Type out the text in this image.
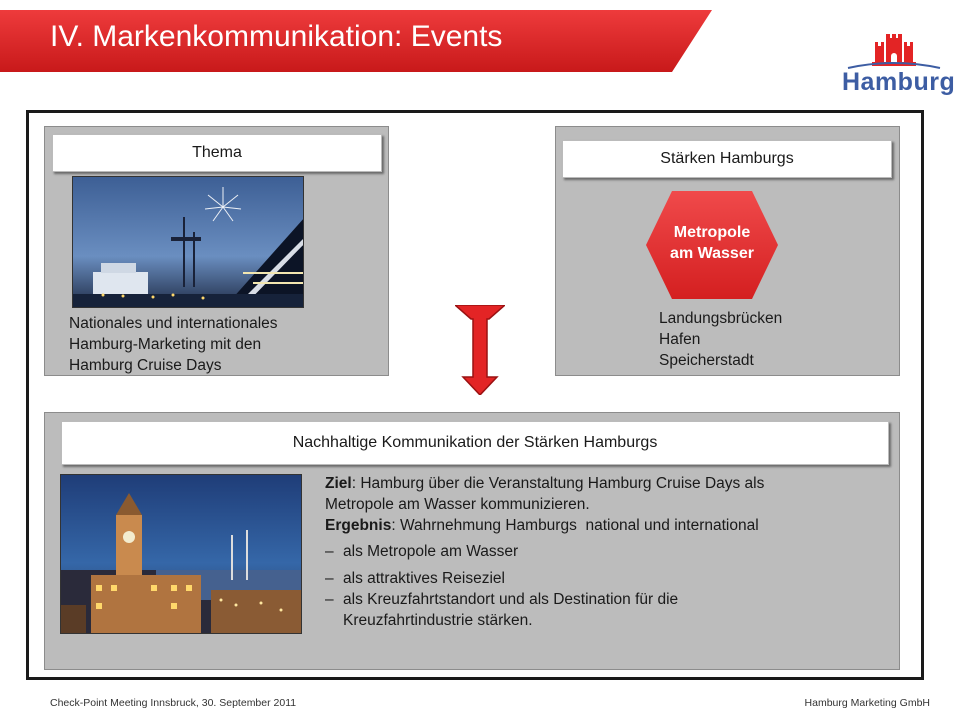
IV. Markenkommunikation: Events
Hamburg
Thema
Nationales und internationales
Hamburg-Marketing mit den
Hamburg Cruise Days
Stärken Hamburgs
Metropole
am Wasser
Landungsbrücken
Hafen
Speicherstadt
Nachhaltige Kommunikation der Stärken Hamburgs
Ziel: Hamburg über die Veranstaltung Hamburg Cruise Days als
Metropole am Wasser kommunizieren.
Ergebnis: Wahrnehmung Hamburgs  national und international
– als Metropole am Wasser
– als attraktives Reiseziel
– als Kreuzfahrtstandort und als Destination für die Kreuzfahrtindustrie stärken.
Check-Point Meeting Innsbruck, 30. September 2011	Hamburg Marketing GmbH
